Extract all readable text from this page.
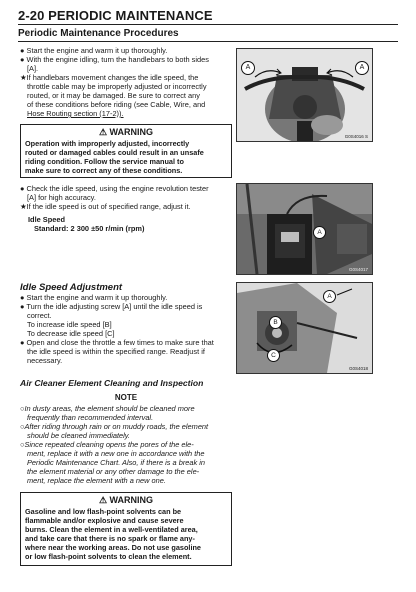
2-20 PERIODIC MAINTENANCE
Periodic Maintenance Procedures
● Start the engine and warm it up thoroughly.
● With the engine idling, turn the handlebars to both sides
[A].
★If handlebars movement changes the idle speed, the
throttle cable may be improperly adjusted or incorrectly
routed, or it may be damaged. Be sure to correct any
of these conditions before riding (see Cable, Wire, and
Hose Routing section (17-2)).
⚠ WARNING
Operation with improperly adjusted, incorrectly
routed or damaged cables could result in an unsafe
riding condition. Follow the service manual to
make sure to correct any of these conditions.
● Check the idle speed, using the engine revolution tester
[A] for high accuracy.
★If the idle speed is out of specified range, adjust it.
Idle Speed
Standard: 2 300 ±50 r/min (rpm)
Idle Speed Adjustment
● Start the engine and warm it up thoroughly.
● Turn the idle adjusting screw [A] until the idle speed is
correct.
To increase idle speed [B]
To decrease idle speed [C]
● Open and close the throttle a few times to make sure that
the idle speed is within the specified range. Readjust if
necessary.
Air Cleaner Element Cleaning and Inspection
NOTE
○In dusty areas, the element should be cleaned more
frequently than recommended interval.
○After riding through rain or on muddy roads, the element
should be cleaned immediately.
○Since repeated cleaning opens the pores of the ele-
ment, replace it with a new one in accordance with the
Periodic Maintenance Chart. Also, if there is a break in
the element material or any other damage to the ele-
ment, replace the element with a new one.
⚠ WARNING
Gasoline and low flash-point solvents can be
flammable and/or explosive and cause severe
burns. Clean the element in a well-ventilated area,
and take care that there is no spark or flame any-
where near the working areas. Do not use gasoline
or low flash-point solvents to clean the element.
A	A
G0S4016 S
A
G0S4017
A
B
C
G0S4018
